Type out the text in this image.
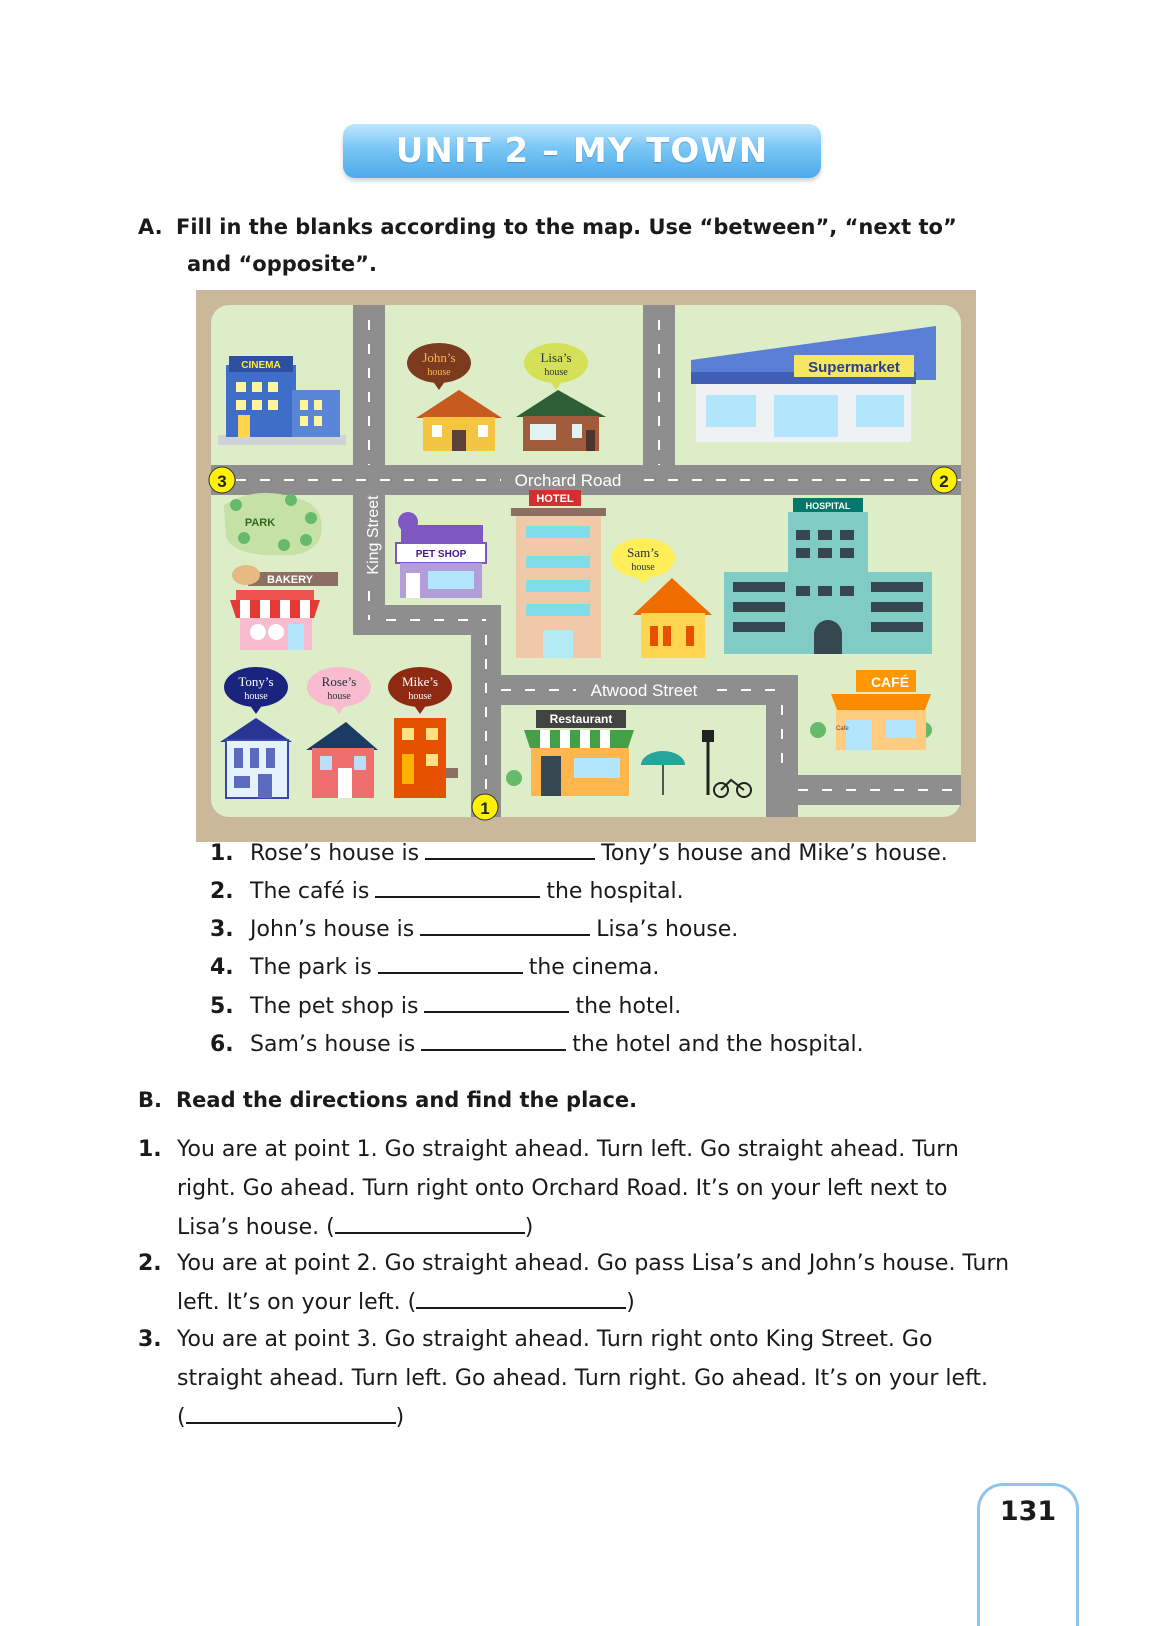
UNIT 2 – MY TOWN
A. Fill in the blanks according to the map. Use “between”, “next to”
and “opposite”.
Orchard Road
King Street
Atwood Street
3	2
1
CINEMA
John’s
house
Lisa’s
house	Supermarket
PARK
BAKERY
PET SHOP
HOTEL
Sam’s
house
HOSPITAL
Tony’s
house
Rose’s
house
Mike’s
house
Restaurant
CAFÉ
Cafe
1. Rose’s house is	Tony’s house and Mike’s house.
2. The café is	the hospital.
3. John’s house is	Lisa’s house.
4. The park is	the cinema.
5. The pet shop is	the hotel.
6. Sam’s house is	the hotel and the hospital.
B. Read the directions and find the place.
1. You are at point 1. Go straight ahead. Turn left. Go straight ahead. Turn
right. Go ahead. Turn right onto Orchard Road. It’s on your left next to
Lisa’s house. (	)
2. You are at point 2. Go straight ahead. Go pass Lisa’s and John’s house. Turn
left. It’s on your left. (	)
3. You are at point 3. Go straight ahead. Turn right onto King Street. Go
straight ahead. Turn left. Go ahead. Turn right. Go ahead. It’s on your left.
(	)
131
